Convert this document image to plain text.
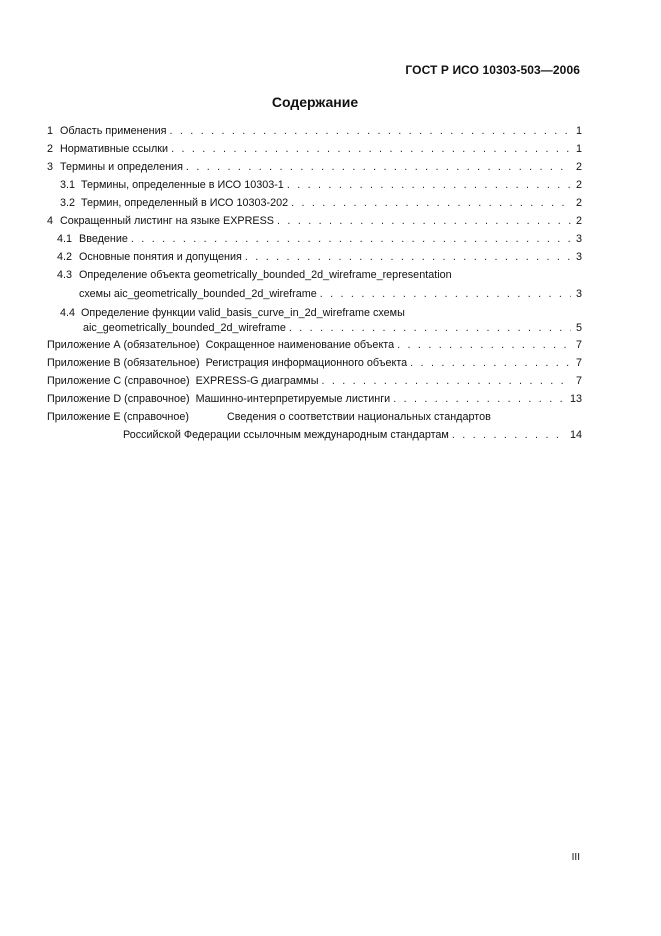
ГОСТ Р ИСО 10303-503—2006
Содержание
1 Область применения . . .	1
2 Нормативные ссылки . . .	1
3 Термины и определения . . .	2
3.1 Термины, определенные в ИСО 10303-1 . . .	2
3.2 Термин, определенный в ИСО 10303-202 . . .	2
4 Сокращенный листинг на языке EXPRESS . . .	2
4.1 Введение . . .	3
4.2 Основные понятия и допущения . . .	3
4.3 Определение объекта geometrically_bounded_2d_wireframe_representation
схемы aic_geometrically_bounded_2d_wireframe . . .	3
4.4 Определение функции valid_basis_curve_in_2d_wireframe схемы
aic_geometrically_bounded_2d_wireframe . . .	5
Приложение А (обязательное) Сокращенное наименование объекта . . .	7
Приложение В (обязательное) Регистрация информационного объекта . . .	7
Приложение С (справочное) EXPRESS-G диаграммы . . .	7
Приложение D (справочное) Машинно-интерпретируемые листинги . . .	13
Приложение Е (справочное)	Сведения о соответствии национальных стандартов
Российской Федерации ссылочным международным стандартам . . .	14
III
